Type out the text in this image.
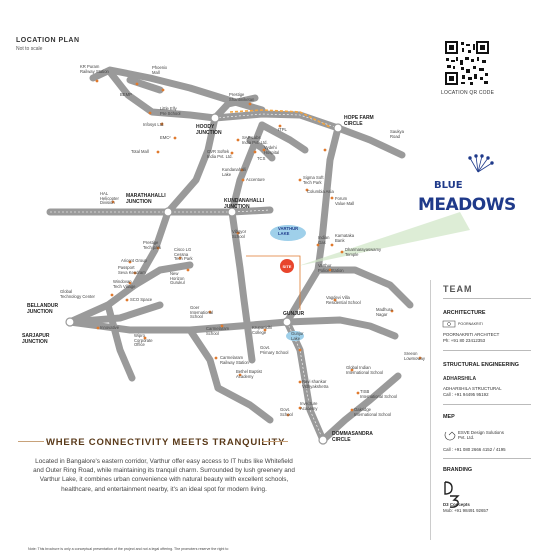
SITE
LOCATION PLAN
Not to scale
LOCATION QR CODE
BLUE
MEADOWS
HOODY
JUNCTION
HOPE FARM
CIRCLE
MARATHAHALLI
JUNCTION	KUNDANAHALLI
JUNCTION
BELLANDUR
JUNCTION
SARJAPUR
JUNCTION
GUNJUR
DOMMASANDRA
CIRCLE
KR Puram
Railway Station
Phoenix
Mall
Prestige
Shantiniketan
BEMP
Little Elly
Pre School
Infosys Ltd.
EMC²
Total Mall
SAP Labs
India Pvt. Ltd.
GVR Softek
India Pvt. Ltd.	TCS
Vydehi
Hospital
Kundanahalli
Lake
Accenture
ITPL	Saukya
Road
HAL
Helicopter
Division
Sigma Soft
Tech Park
Columbia Asia
Forum
Value Mall
VARTHUR
LAKE
Vibgyor
School	Indian
Gas
Karnataka
Bank
Dharmarayaswamy
Temple
Varthur
Police Station
Prestige
Tech park	Cisco LG
Cessna
Tech Park
Aricent Group
Passport
Seva Kendram
Windovan
Tech Village
Global
Technology Center
New
Horizon
Gurukul
SCO Space
Goer
International
School
Vagdevi Villa
Residential School
Madhura
Nagar
Innovative
Wipro
Corporate
Office
Carmelaram
School
Krupanidhi
College	Gunjur
Lake
Carmelaram
Railway Station
Govt.
Primary School
Bethel Baptist
Academy
Ravi shankar
Vidhyakshetra
Global Indian
International School
Sreeon
Lowmoway
TISB
International School
Inventure
Academy
Govt.
School
Oakridge
International School
WHERE CONNECTIVITY MEETS TRANQUILITY
Located in Bangalore's eastern corridor, Varthur offer easy access to IT hubs like Whitefield and Outer Ring Road, while maintaining its tranquil charm. Surrounded by lush greenery and Varthur Lake, it combines urban convenience with natural beauty with excellent schools, healthcare, and entertainment nearby, it's an ideal spot for modern living.
Note: This brochure is only a conceptual presentation of the project and not a legal offering. The promoters reserve the right to
TEAM
ARCHITECTURE
POORNAKRITI
POORNAKRITI ARCHITECT
Ph: +91 80 23412353
STRUCTURAL ENGINEERING
ADHARSHILA
ADHARSHILA STRUCTURAL
Call : +91 94495 95192
MEP
ESVE Design Solutions
Pvt. Ltd.
Call : +91 080 2666 4152 / 4195
BRANDING
D3 Concepts
Mob: +91 98491 92657
